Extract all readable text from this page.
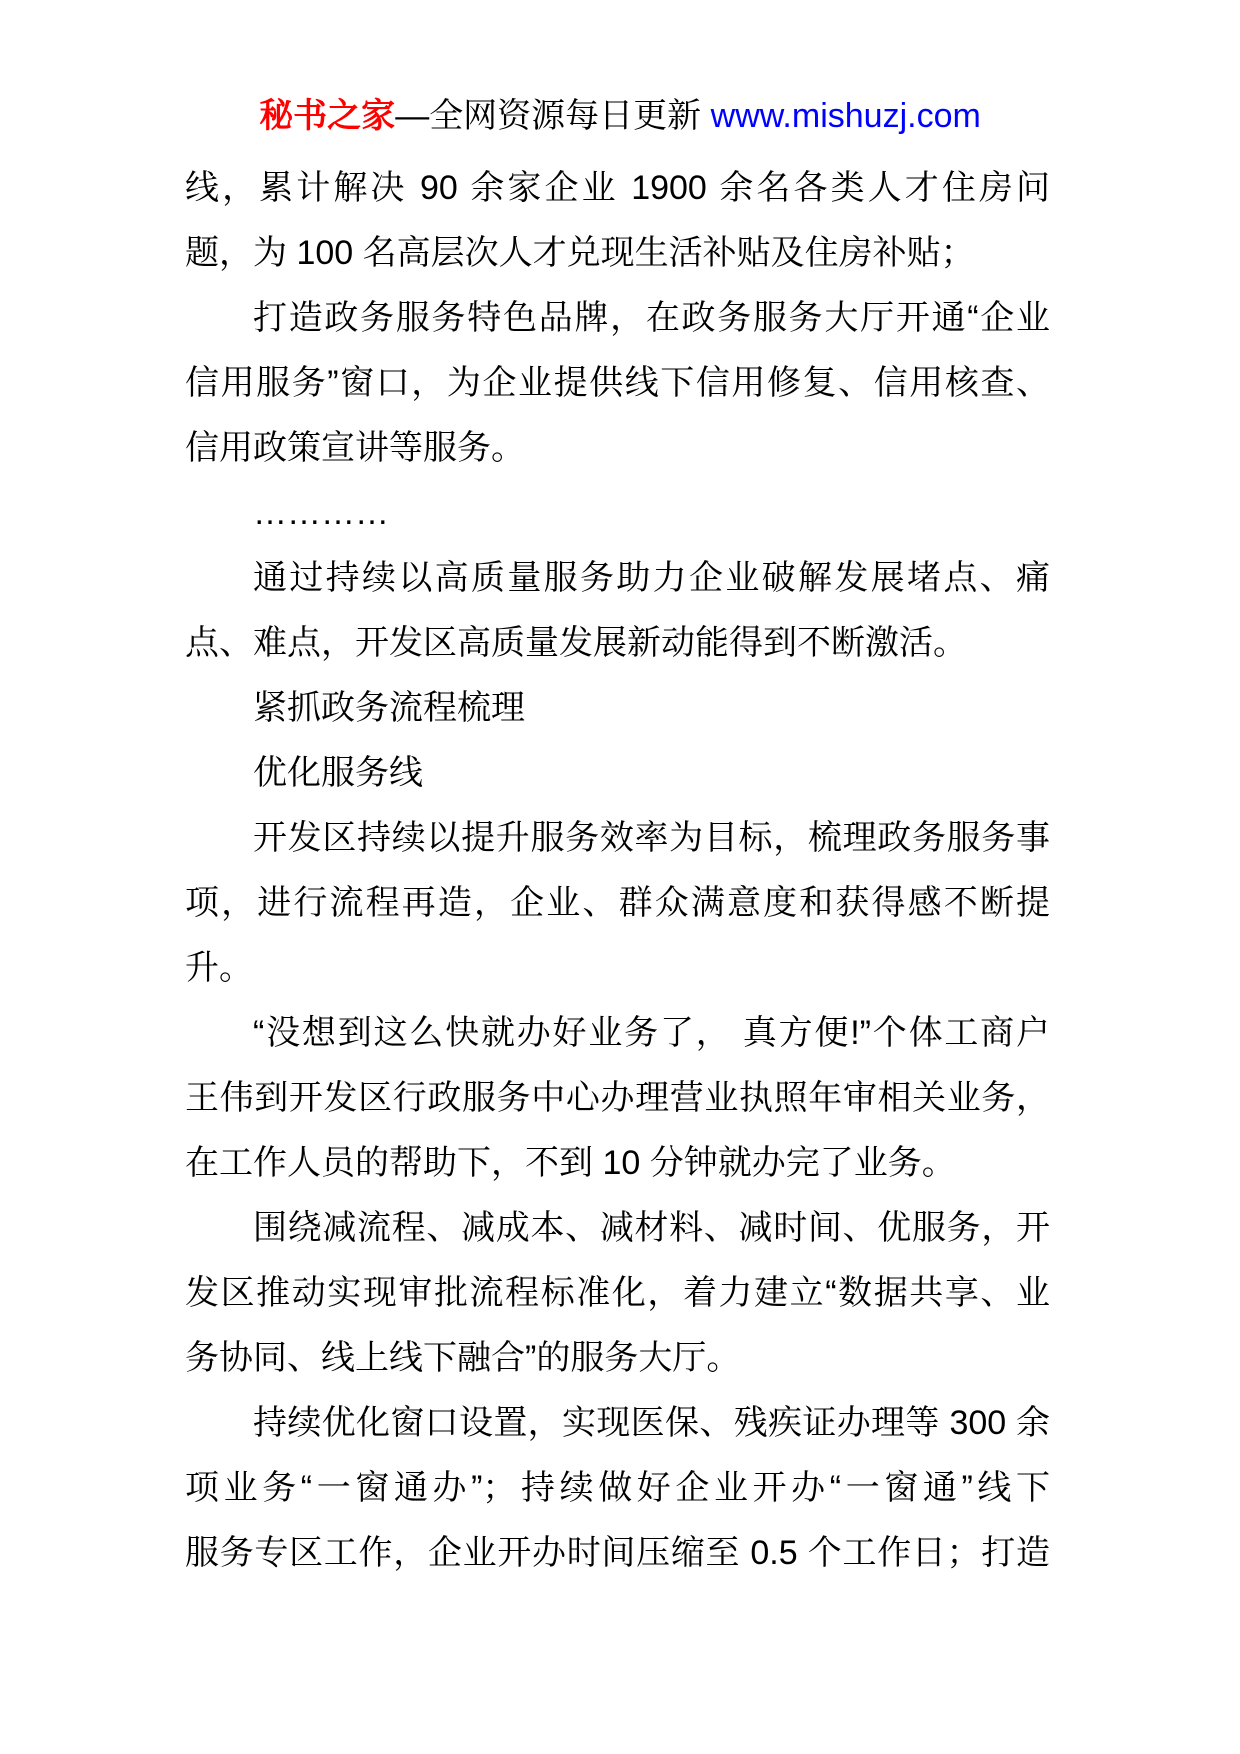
秘书之家—全网资源每日更新 www.mishuzj.com
线，累计解决 90 余家企业 1900 余名各类人才住房问
题，为 100 名高层次人才兑现生活补贴及住房补贴；
打造政务服务特色品牌，在政务服务大厅开通“企业
信用服务”窗口，为企业提供线下信用修复、信用核查、
信用政策宣讲等服务。
…………
通过持续以高质量服务助力企业破解发展堵点、痛
点、难点，开发区高质量发展新动能得到不断激活。
紧抓政务流程梳理
优化服务线
开发区持续以提升服务效率为目标，梳理政务服务事
项，进行流程再造，企业、群众满意度和获得感不断提
升。
“没想到这么快就办好业务了， 真方便!”个体工商户
王伟到开发区行政服务中心办理营业执照年审相关业务，
在工作人员的帮助下，不到 10 分钟就办完了业务。
围绕减流程、减成本、减材料、减时间、优服务，开
发区推动实现审批流程标准化，着力建立“数据共享、业
务协同、线上线下融合”的服务大厅。
持续优化窗口设置，实现医保、残疾证办理等 300 余
项业务“一窗通办”；持续做好企业开办“一窗通”线下
服务专区工作，企业开办时间压缩至 0.5 个工作日；打造
